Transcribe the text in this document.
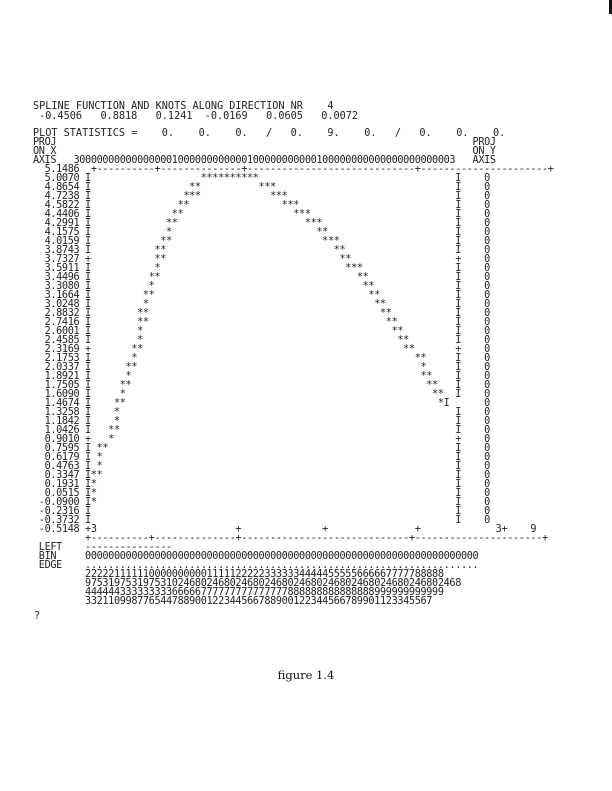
SPLINE FUNCTION AND KNOTS ALONG DIRECTION NR    4
-0.4506   0.8818   0.1241  -0.0169   0.0605   0.0072
PLOT STATISTICS =    0.    0.    0.   /   0.    9.    0.   /   0.    0.    0.
PROJ                                                                        PROJ
ON X                                                                        ON Y
AXIS   300000000000000001000000000000100000000000100000000000000000000003   AXIS
5.1486  +----------+--------------+-----------------------------+----------------------+
5.0070 I                   **********                                  I    0
4.8654 I                 **          ***                               I    0
4.7238 I                ***            ***                             I    0
4.5822 I               **                ***                           I    0
4.4406 I              **                   ***                         I    0
4.2991 I             **                      ***                       I    0
4.1575 I             *                         **                      I    0
4.0159 I            **                          ***                    I    0
3.8743 I           **                             **                   I    0
3.7327 +           **                              **                  +    0
3.5911 I           *                                ***                I    0
3.4496 I          **                                  **               I    0
3.3080 I          *                                    **              I    0
3.1664 I         **                                     **             I    0
3.0248 I         *                                       **            I    0
2.8832 I        **                                        **           I    0
2.7416 I        **                                         **          I    0
2.6001 I        *                                           **         I    0
2.4585 I        *                                            **        I    0
2.3169 +       **                                             **       +    0
2.1753 I       *                                                **     I    0
2.0337 I      **                                                 *     I    0
1.8921 I      *                                                  **    I    0
1.7505 I     **                                                   **   I    0
1.6090 I     *                                                     **  I    0
1.4674 I    **                                                      *I      0
1.3258 I    *                                                          I    0
1.1842 I    *                                                          I    0
1.0426 I   **                                                          I    0
0.9010 +   *                                                           +    0
0.7595 I **                                                            I    0
0.6179 I *                                                             I    0
0.4763 I *                                                             I    0
0.3347 I**                                                             I    0
0.1931 I*                                                              I    0
0.0515 I*                                                              I    0
-0.0900 I*                                                              I    0
-0.2316 I                                                               I    0
-0.3732 I                                                               I    0
-0.5148 +3                        +              +               +             3+    9
+----------+--------------+-----------------------------+----------------------+
LEFT    ---------------
BIN     00000000000000000000000000000000000000000000000000000000000000000000
EDGE    ....................................................................
22222111111000000000011111222223333334444455555666667777788888
97531975319753102468024680246802468024680246802468024680246802468
44444433333333366666777777777777777888888888888888999999999999
33211099877654478890012234456678890012234456678990112334556​7
?
figure 1.4
